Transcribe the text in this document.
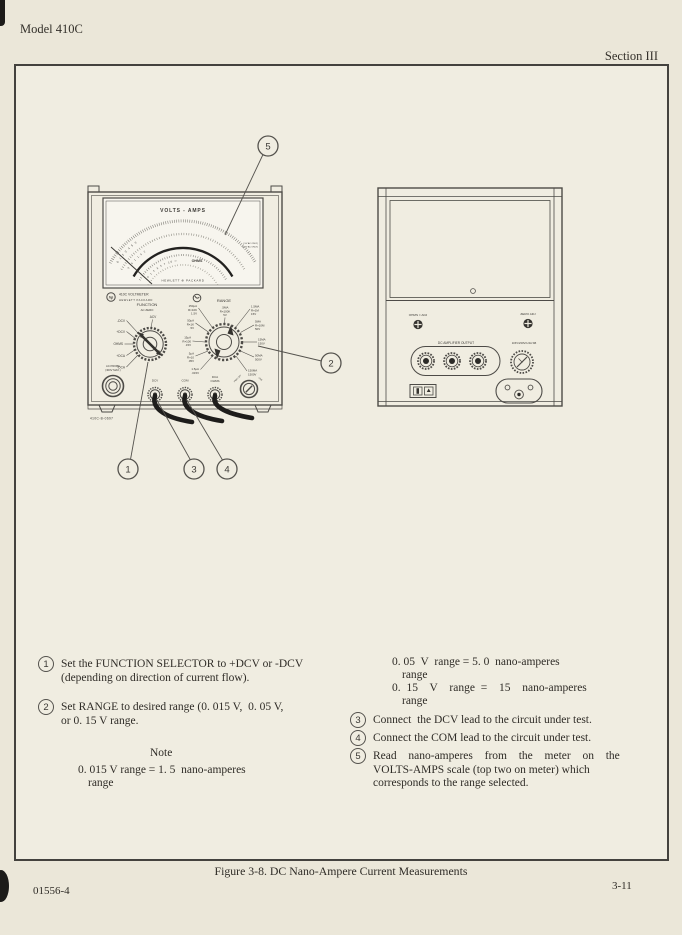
Model 410C

Section III

VOLTS - AMPS
0 1 2 3 4 5 6
0 .5 1 1.5 2
0 1 2 3 5 7 10 ∞	OHMS
HEWLETT ⊕ PACKARD
(.5V AC ONLY)
(1.5V AC ONLY)
hp
410C VOLTMETER
HEWLETT PACKARD
FUNCTION
AC ZERO
ACV
-DCV
+DCV
OHMS
+DCA
-DCA
RANGE
150µA
R×10K
1.5V
.5MA
R×100K
5V
1.5MA
R×1M
15V
5MA
R×10M
50V
15MA
150V
50MA
500V
150MA
1500V
50µA
R×1K
.5V
15µA
R×100
.15V
5µA
R×10
.05V
1.5µA
.015V
AC PROBE
(300V MAX.)
DCV	COM
DCA
OHMS	PWR OFF	LINE
410C-B-0697
OHMS = ADJ	ZERO ADJ
DC AMPLIFIER OUTPUT	115V/230V/1/4A SB
5
2
1	3	4
1	Set the FUNCTION SELECTOR to +DCV or -DCV
(depending on direction of current flow).
2	Set RANGE to desired range (0. 015 V,  0. 05 V,
or 0. 15 V range.
Note
0. 015 V range = 1. 5  nano-amperes
range
0. 05  V  range = 5. 0  nano-amperes
range
0. 15  V  range =  15  nano-amperes
range
3	Connect  the DCV lead to the circuit under test.
4	Connect the COM lead to the circuit under test.
5	Read  nano-amperes  from  the  meter  on  the
VOLTS-AMPS scale (top two on meter) which
corresponds to the range selected.
Figure 3-8. DC Nano-Ampere Current Measurements
01556-4	3-11
